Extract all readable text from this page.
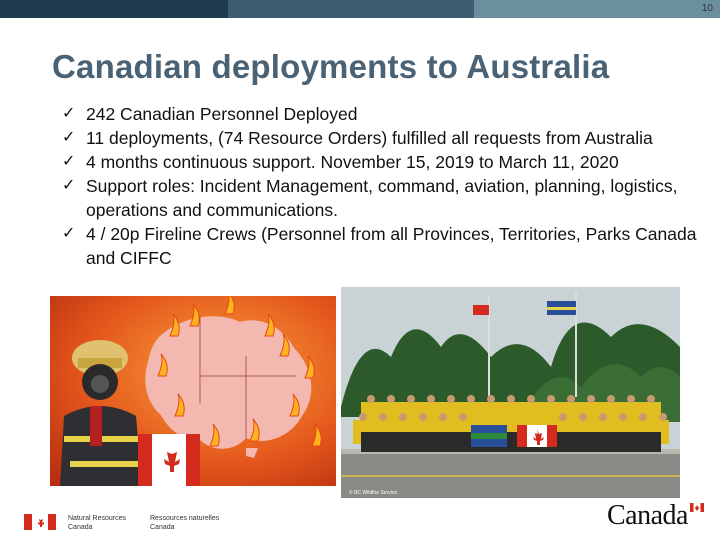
10
Canadian deployments to Australia
✓ 242 Canadian Personnel Deployed
✓ 11 deployments, (74 Resource Orders) fulfilled all requests from Australia
✓ 4 months continuous support. November 15, 2019 to March 11, 2020
✓ Support roles: Incident Management, command, aviation, planning, logistics, operations and communications.
✓ 4 / 20p Fireline Crews (Personnel from all Provinces, Territories, Parks Canada and CIFFC
© BC Wildfire Service
Natural Resources
Canada
Ressources naturelles
Canada	Canada
